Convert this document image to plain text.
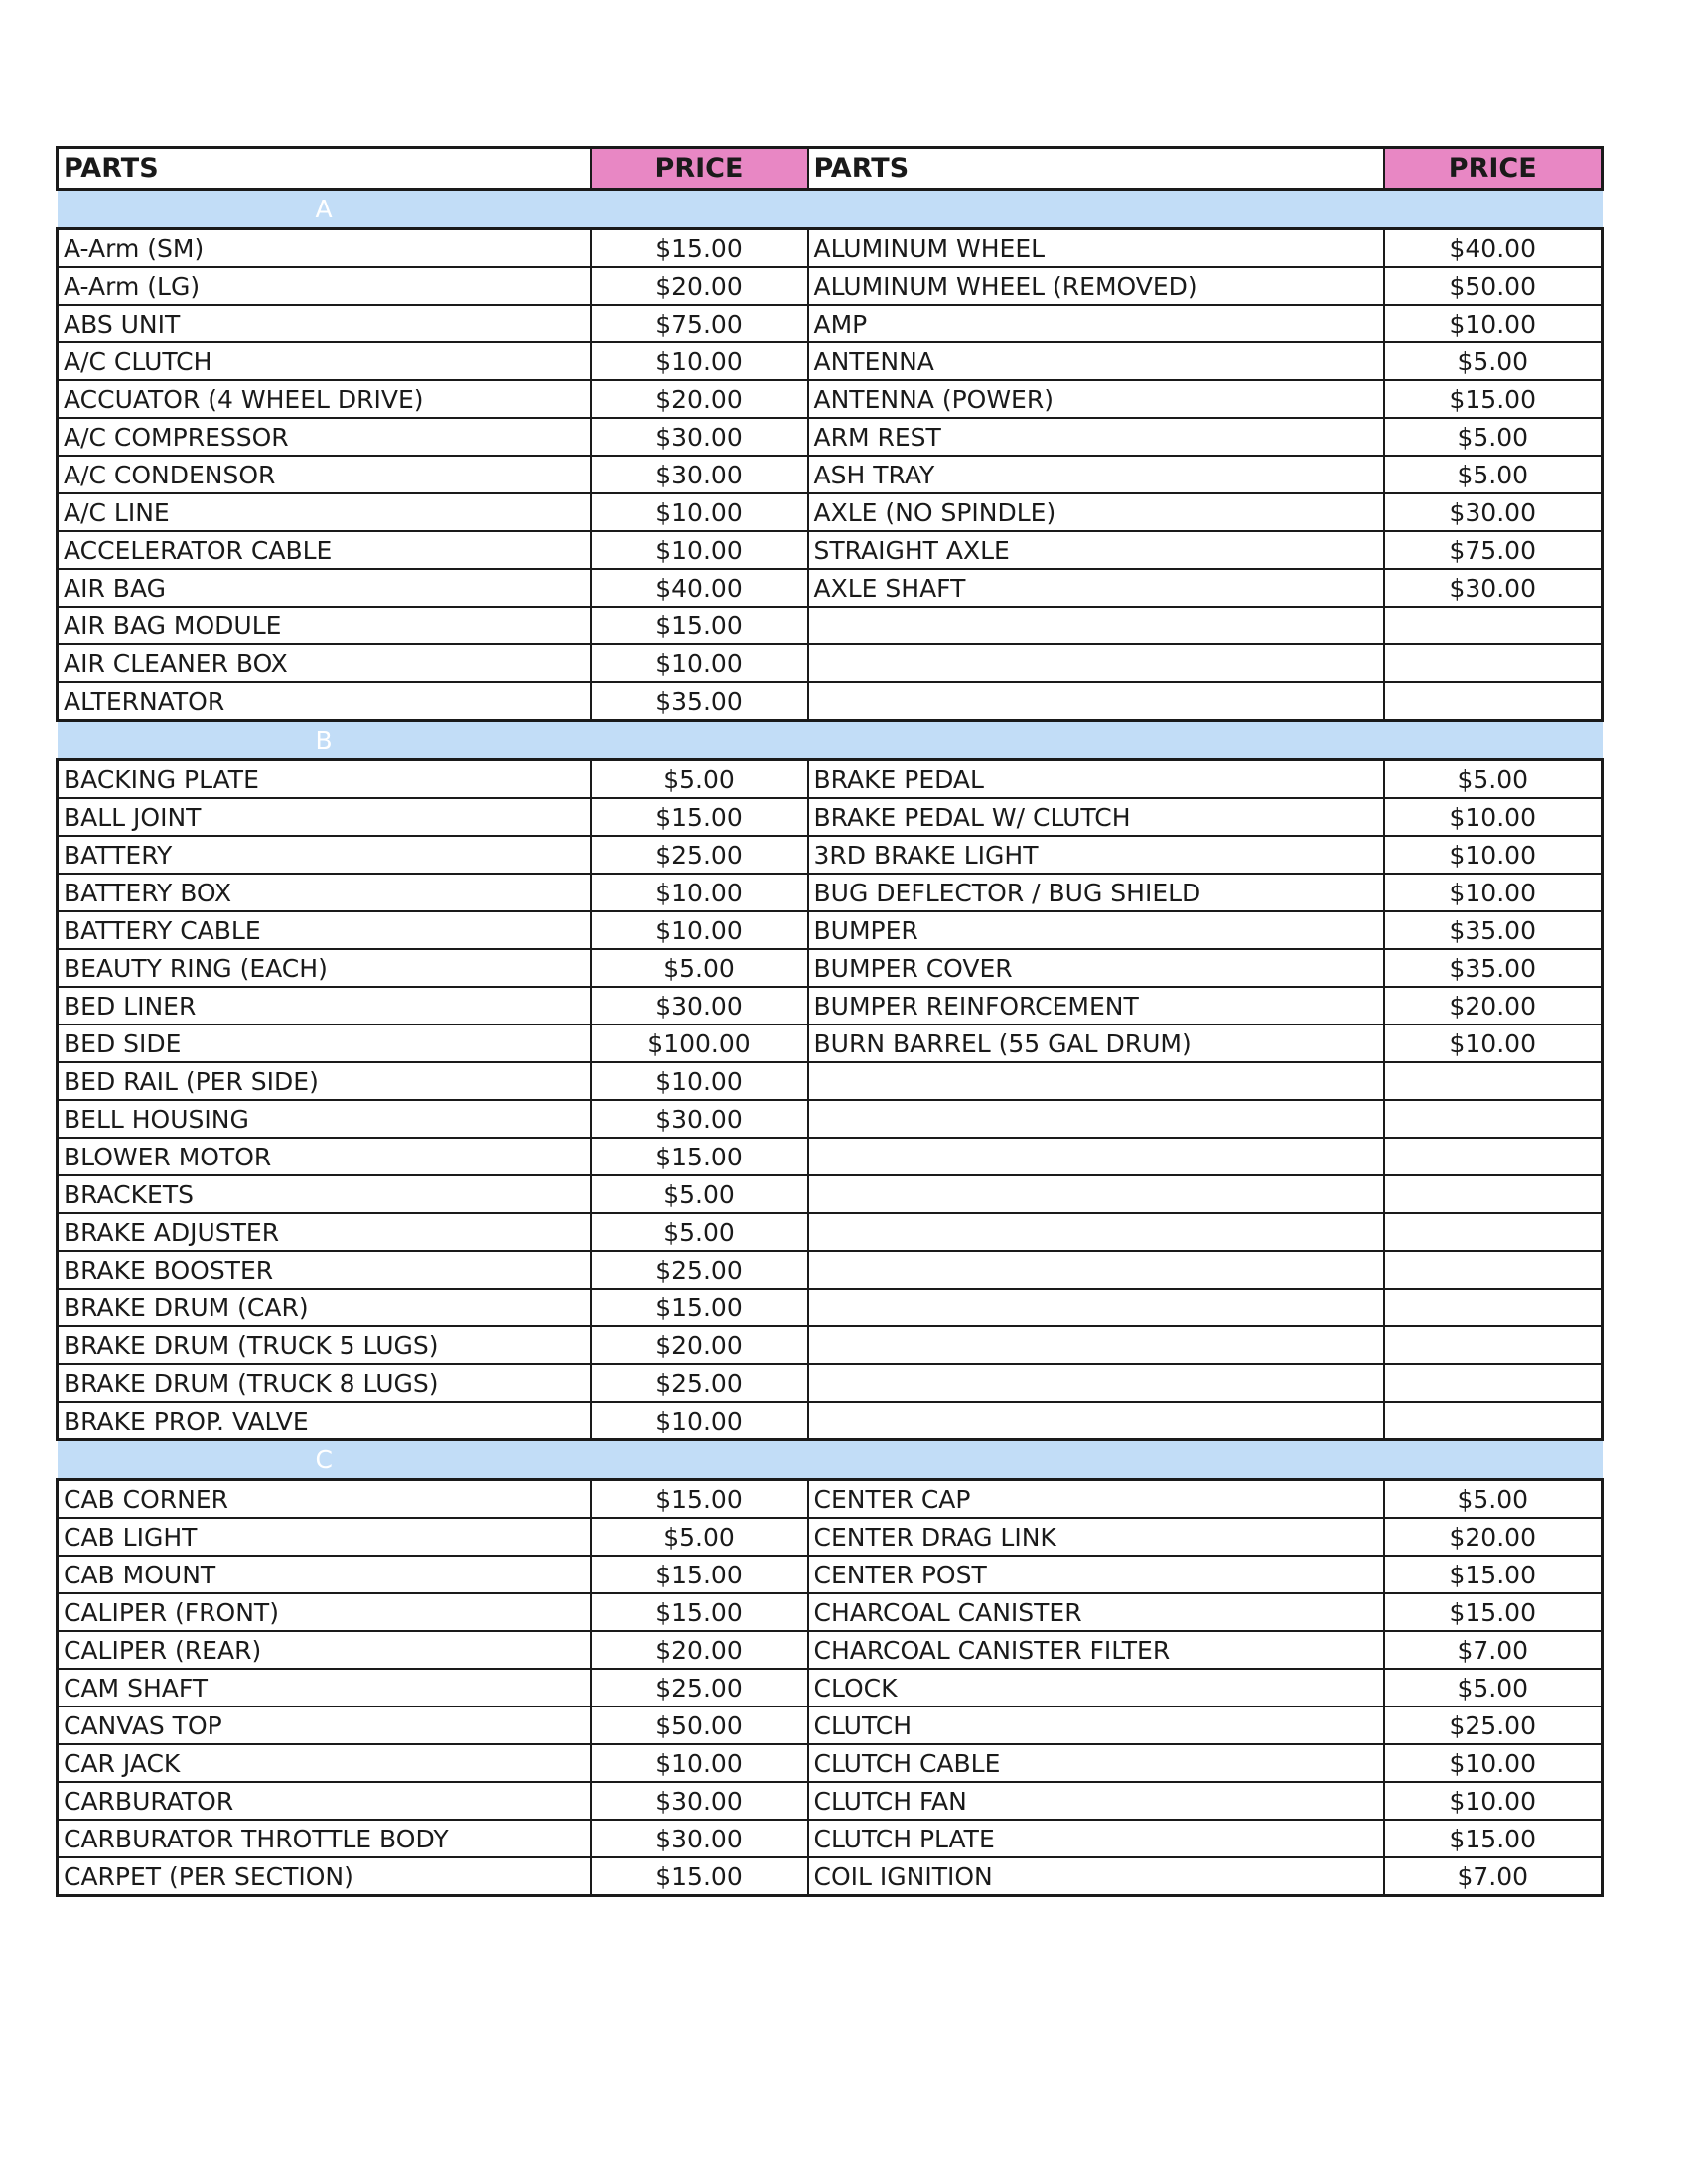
PARTS	PRICE	PARTS	PRICE
A			
A-Arm (SM)	$15.00	ALUMINUM WHEEL	$40.00
A-Arm (LG)	$20.00	ALUMINUM WHEEL (REMOVED)	$50.00
ABS UNIT	$75.00	AMP	$10.00
A/C CLUTCH	$10.00	ANTENNA	$5.00
ACCUATOR (4 WHEEL DRIVE)	$20.00	ANTENNA (POWER)	$15.00
A/C COMPRESSOR	$30.00	ARM REST	$5.00
A/C CONDENSOR	$30.00	ASH TRAY	$5.00
A/C LINE	$10.00	AXLE (NO SPINDLE)	$30.00
ACCELERATOR CABLE	$10.00	STRAIGHT AXLE	$75.00
AIR BAG	$40.00	AXLE SHAFT	$30.00
AIR BAG MODULE	$15.00		
AIR CLEANER BOX	$10.00		
ALTERNATOR	$35.00		
B			
BACKING PLATE	$5.00	BRAKE PEDAL	$5.00
BALL JOINT	$15.00	BRAKE PEDAL W/ CLUTCH	$10.00
BATTERY	$25.00	3RD BRAKE LIGHT	$10.00
BATTERY BOX	$10.00	BUG DEFLECTOR / BUG SHIELD	$10.00
BATTERY CABLE	$10.00	BUMPER	$35.00
BEAUTY RING (EACH)	$5.00	BUMPER COVER	$35.00
BED LINER	$30.00	BUMPER REINFORCEMENT	$20.00
BED SIDE	$100.00	BURN BARREL (55 GAL DRUM)	$10.00
BED RAIL (PER SIDE)	$10.00		
BELL HOUSING	$30.00		
BLOWER MOTOR	$15.00		
BRACKETS	$5.00		
BRAKE ADJUSTER	$5.00		
BRAKE BOOSTER	$25.00		
BRAKE DRUM (CAR)	$15.00		
BRAKE DRUM (TRUCK 5 LUGS)	$20.00		
BRAKE DRUM (TRUCK 8 LUGS)	$25.00		
BRAKE PROP. VALVE	$10.00		
C			
CAB CORNER	$15.00	CENTER CAP	$5.00
CAB LIGHT	$5.00	CENTER DRAG LINK	$20.00
CAB MOUNT	$15.00	CENTER POST	$15.00
CALIPER (FRONT)	$15.00	CHARCOAL CANISTER	$15.00
CALIPER (REAR)	$20.00	CHARCOAL CANISTER FILTER	$7.00
CAM SHAFT	$25.00	CLOCK	$5.00
CANVAS TOP	$50.00	CLUTCH	$25.00
CAR JACK	$10.00	CLUTCH CABLE	$10.00
CARBURATOR	$30.00	CLUTCH FAN	$10.00
CARBURATOR THROTTLE BODY	$30.00	CLUTCH PLATE	$15.00
CARPET (PER SECTION)	$15.00	COIL IGNITION	$7.00
